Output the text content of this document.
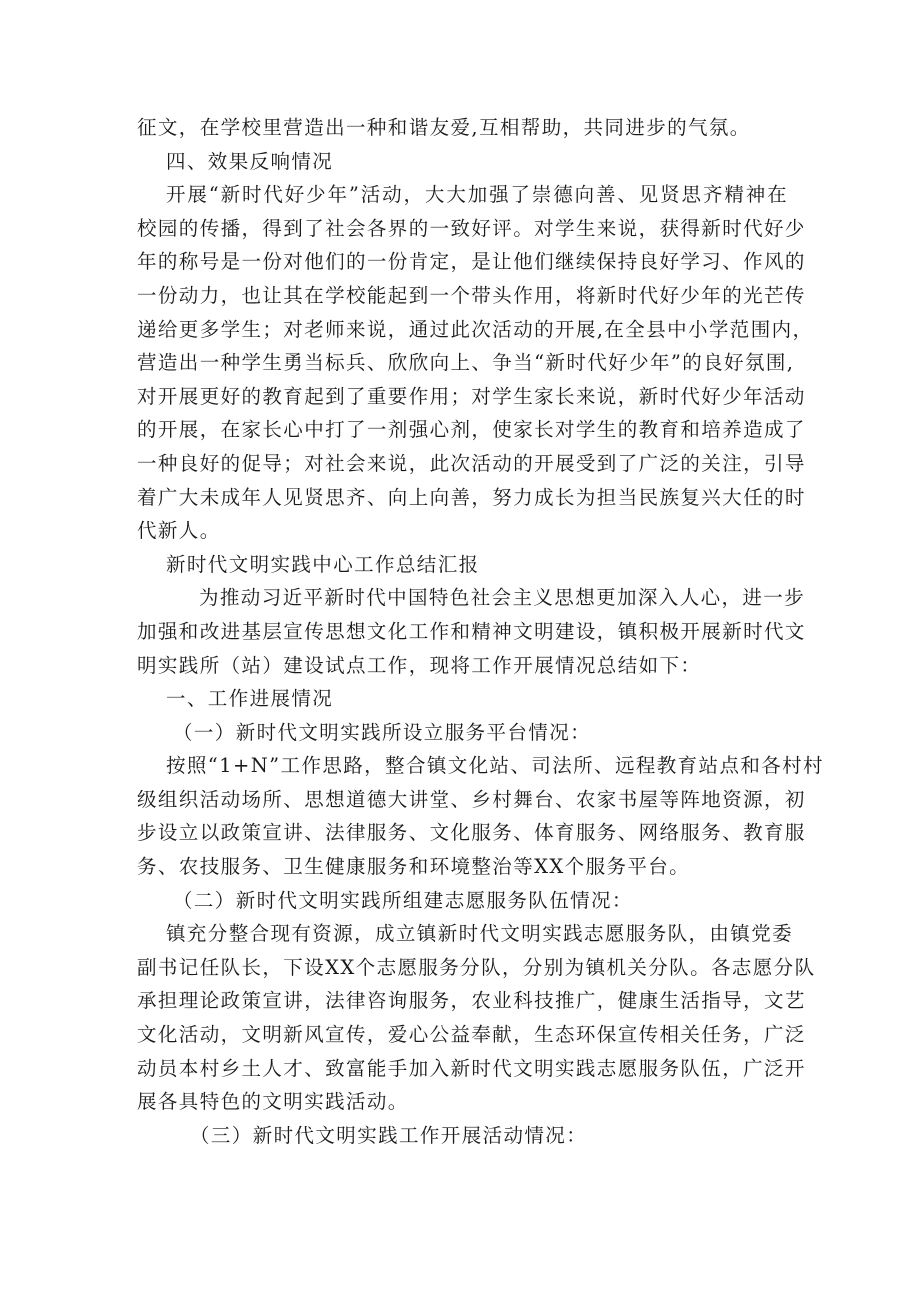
征文，在学校里营造出一种和谐友爱,互相帮助，共同进步的气氛。

四、效果反响情况

开展“新时代好少年”活动，大大加强了崇德向善、见贤思齐精神在

校园的传播，得到了社会各界的一致好评。对学生来说，获得新时代好少

年的称号是一份对他们的一份肯定，是让他们继续保持良好学习、作风的

一份动力，也让其在学校能起到一个带头作用，将新时代好少年的光芒传

递给更多学生；对老师来说，通过此次活动的开展,在全县中小学范围内，

营造出一种学生勇当标兵、欣欣向上、争当“新时代好少年”的良好氛围,

对开展更好的教育起到了重要作用；对学生家长来说，新时代好少年活动

的开展，在家长心中打了一剂强心剂，使家长对学生的教育和培养造成了

一种良好的促导；对社会来说，此次活动的开展受到了广泛的关注，引导

着广大未成年人见贤思齐、向上向善，努力成长为担当民族复兴大任的时

代新人。

新时代文明实践中心工作总结汇报

为推动习近平新时代中国特色社会主义思想更加深入人心，进一步

加强和改进基层宣传思想文化工作和精神文明建设，镇积极开展新时代文

明实践所（站）建设试点工作，现将工作开展情况总结如下：

一、工作进展情况

（一）新时代文明实践所设立服务平台情况：

按照“1+N”工作思路，整合镇文化站、司法所、远程教育站点和各村村

级组织活动场所、思想道德大讲堂、乡村舞台、农家书屋等阵地资源，初

步设立以政策宣讲、法律服务、文化服务、体育服务、网络服务、教育服

务、农技服务、卫生健康服务和环境整治等XX个服务平台。

（二）新时代文明实践所组建志愿服务队伍情况：

镇充分整合现有资源，成立镇新时代文明实践志愿服务队，由镇党委

副书记任队长，下设XX个志愿服务分队，分别为镇机关分队。各志愿分队

承担理论政策宣讲，法律咨询服务，农业科技推广，健康生活指导，文艺

文化活动，文明新风宣传，爱心公益奉献，生态环保宣传相关任务，广泛

动员本村乡土人才、致富能手加入新时代文明实践志愿服务队伍，广泛开

展各具特色的文明实践活动。

（三）新时代文明实践工作开展活动情况：
